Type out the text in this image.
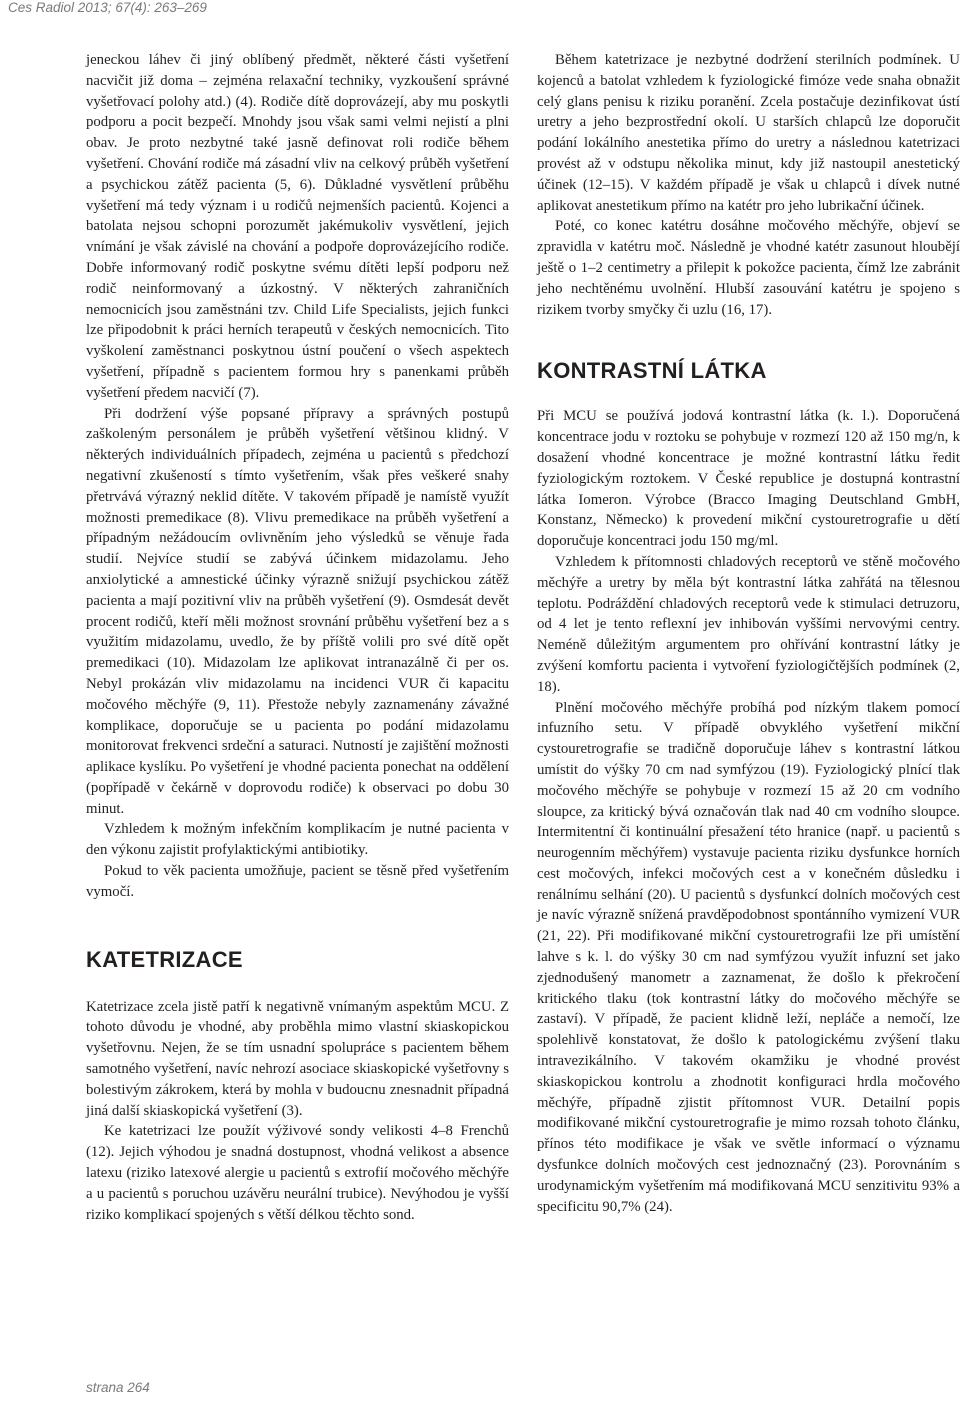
Ces Radiol 2013; 67(4): 263–269

jeneckou láhev či jiný oblíbený předmět, některé části vyšetření nacvičit již doma – zejména relaxační techniky, vyzkoušení správné vyšetřovací polohy atd.) (4). Rodiče dítě doprovázejí, aby mu poskytli podporu a pocit bezpečí. Mnohdy jsou však sami velmi nejistí a plni obav. Je proto nezbytné také jasně definovat roli rodiče během vyšetření. Chování rodiče má zásadní vliv na celkový průběh vyšetření a psychickou zátěž pacienta (5, 6). Důkladné vysvětlení průběhu vyšetření má tedy význam i u rodičů nejmenších pacientů. Kojenci a batolata nejsou schopni porozumět jakémukoliv vysvětlení, jejich vnímání je však závislé na chování a podpoře doprovázejícího rodiče. Dobře informovaný rodič poskytne svému dítěti lepší podporu než rodič neinformovaný a úzkostný. V některých zahraničních nemocnicích jsou zaměstnáni tzv. Child Life Specialists, jejich funkci lze připodobnit k práci herních terapeutů v českých nemocnicích. Tito vyškolení zaměstnanci poskytnou ústní poučení o všech aspektech vyšetření, případně s pacientem formou hry s panenkami průběh vyšetření předem nacvičí (7).

Při dodržení výše popsané přípravy a správných postupů zaškoleným personálem je průběh vyšetření většinou klidný. V některých individuálních případech, zejména u pacientů s předchozí negativní zkušeností s tímto vyšetřením, však přes veškeré snahy přetrvává výrazný neklid dítěte. V takovém případě je namístě využít možnosti premedikace (8). Vlivu premedikace na průběh vyšetření a případným nežádoucím ovlivněním jeho výsledků se věnuje řada studií. Nejvíce studií se zabývá účinkem midazolamu. Jeho anxiolytické a amnestické účinky výrazně snižují psychickou zátěž pacienta a mají pozitivní vliv na průběh vyšetření (9). Osmdesát devět procent rodičů, kteří měli možnost srovnání průběhu vyšetření bez a s využitím midazolamu, uvedlo, že by příště volili pro své dítě opět premedikaci (10). Midazolam lze aplikovat intranazálně či per os. Nebyl prokázán vliv midazolamu na incidenci VUR či kapacitu močového měchýře (9, 11). Přestože nebyly zaznamenány závažné komplikace, doporučuje se u pacienta po podání midazolamu monitorovat frekvenci srdeční a saturaci. Nutností je zajištění možnosti aplikace kyslíku. Po vyšetření je vhodné pacienta ponechat na oddělení (popřípadě v čekárně v doprovodu rodiče) k observaci po dobu 30 minut.

Vzhledem k možným infekčním komplikacím je nutné pacienta v den výkonu zajistit profylaktickými antibiotiky.

Pokud to věk pacienta umožňuje, pacient se těsně před vyšetřením vymočí.

KATETRIZACE

Katetrizace zcela jistě patří k negativně vnímaným aspektům MCU. Z tohoto důvodu je vhodné, aby proběhla mimo vlastní skiaskopickou vyšetřovnu. Nejen, že se tím usnadní spolupráce s pacientem během samotného vyšetření, navíc nehrozí asociace skiaskopické vyšetřovny s bolestivým zákrokem, která by mohla v budoucnu znesnadnit případná jiná další skiaskopická vyšetření (3).

Ke katetrizaci lze použít výživové sondy velikosti 4–8 Frenchů (12). Jejich výhodou je snadná dostupnost, vhodná velikost a absence latexu (riziko latexové alergie u pacientů s extrofií močového měchýře a u pacientů s poruchou uzávěru neurální trubice). Nevýhodou je vyšší riziko komplikací spojených s větší délkou těchto sond.

Během katetrizace je nezbytné dodržení sterilních podmínek. U kojenců a batolat vzhledem k fyziologické fimóze vede snaha obnažit celý glans penisu k riziku poranění. Zcela postačuje dezinfikovat ústí uretry a jeho bezprostřední okolí. U starších chlapců lze doporučit podání lokálního anestetika přímo do uretry a následnou katetrizaci provést až v odstupu několika minut, kdy již nastoupil anestetický účinek (12–15). V každém případě je však u chlapců i dívek nutné aplikovat anestetikum přímo na katétr pro jeho lubrikační účinek.

Poté, co konec katétru dosáhne močového měchýře, objeví se zpravidla v katétru moč. Následně je vhodné katétr zasunout hloubějí ještě o 1–2 centimetry a přilepit k pokožce pacienta, čímž lze zabránit jeho nechtěnému uvolnění. Hlubší zasouvání katétru je spojeno s rizikem tvorby smyčky či uzlu (16, 17).

KONTRASTNÍ LÁTKA

Při MCU se používá jodová kontrastní látka (k. l.). Doporučená koncentrace jodu v roztoku se pohybuje v rozmezí 120 až 150 mg/n, k dosažení vhodné koncentrace je možné kontrastní látku ředit fyziologickým roztokem. V České republice je dostupná kontrastní látka Iomeron. Výrobce (Bracco Imaging Deutschland GmbH, Konstanz, Německo) k provedení mikční cystouretrografie u dětí doporučuje koncentraci jodu 150 mg/ml.

Vzhledem k přítomnosti chladových receptorů ve stěně močového měchýře a uretry by měla být kontrastní látka zahřátá na tělesnou teplotu. Podráždění chladových receptorů vede k stimulaci detruzoru, od 4 let je tento reflexní jev inhibován vyššími nervovými centry. Neméně důležitým argumentem pro ohřívání kontrastní látky je zvýšení komfortu pacienta i vytvoření fyziologičtějších podmínek (2, 18).

Plnění močového měchýře probíhá pod nízkým tlakem pomocí infuzního setu. V případě obvyklého vyšetření mikční cystouretrografie se tradičně doporučuje láhev s kontrastní látkou umístit do výšky 70 cm nad symfýzou (19). Fyziologický plnící tlak močového měchýře se pohybuje v rozmezí 15 až 20 cm vodního sloupce, za kritický bývá označován tlak nad 40 cm vodního sloupce. Intermitentní či kontinuální přesažení této hranice (např. u pacientů s neurogenním měchýřem) vystavuje pacienta riziku dysfunkce horních cest močových, infekci močových cest a v konečném důsledku i renálnímu selhání (20). U pacientů s dysfunkcí dolních močových cest je navíc výrazně snížená pravděpodobnost spontánního vymizení VUR (21, 22). Při modifikované mikční cystouretrografii lze při umístění lahve s k. l. do výšky 30 cm nad symfýzou využít infuzní set jako zjednodušený manometr a zaznamenat, že došlo k překročení kritického tlaku (tok kontrastní látky do močového měchýře se zastaví). V případě, že pacient klidně leží, nepláče a nemočí, lze spolehlivě konstatovat, že došlo k patologickému zvýšení tlaku intravezikálního. V takovém okamžiku je vhodné provést skiaskopickou kontrolu a zhodnotit konfiguraci hrdla močového měchýře, případně zjistit přítomnost VUR. Detailní popis modifikované mikční cystouretrografie je mimo rozsah tohoto článku, přínos této modifikace je však ve světle informací o významu dysfunkce dolních močových cest jednoznačný (23). Porovnáním s urodynamickým vyšetřením má modifikovaná MCU senzitivitu 93% a specificitu 90,7% (24).

strana 264
